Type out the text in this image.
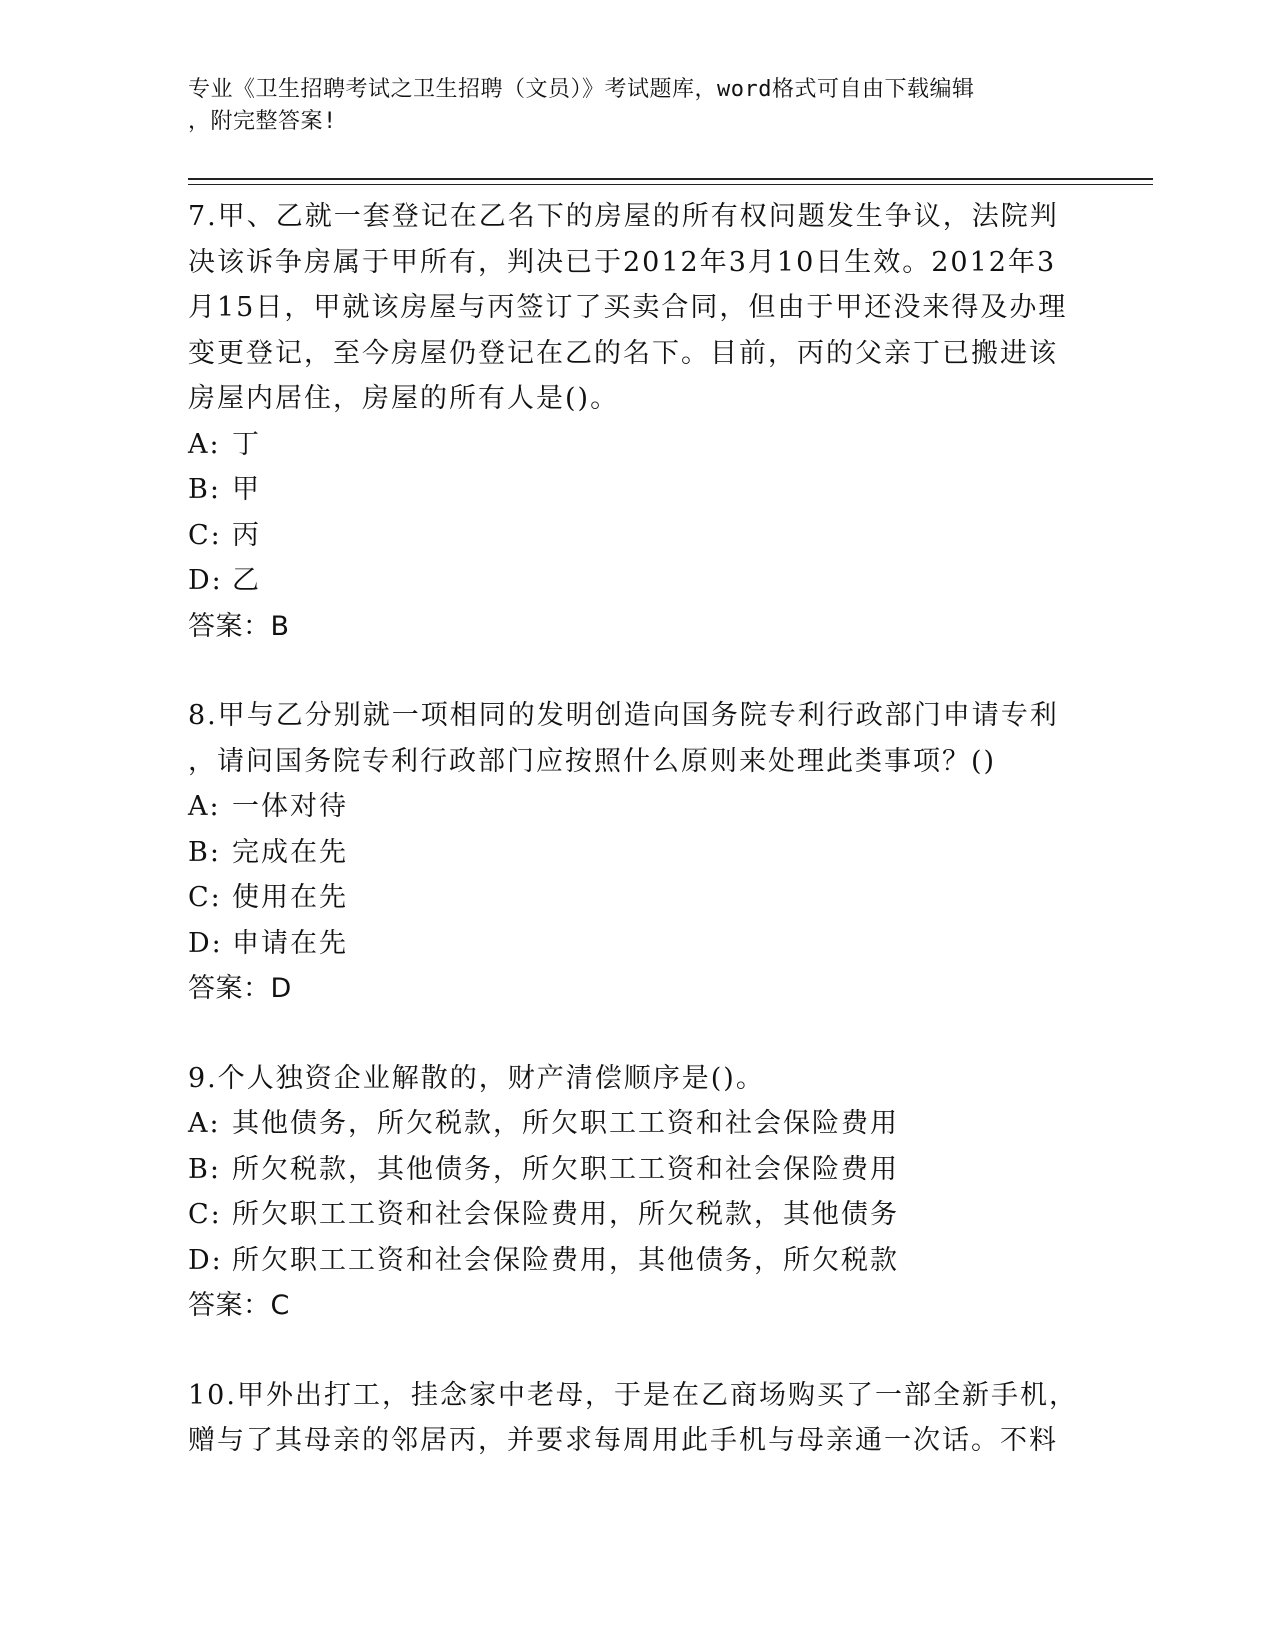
专业《卫生招聘考试之卫生招聘（文员）》考试题库，word格式可自由下载编辑
，附完整答案!
7.甲、乙就一套登记在乙名下的房屋的所有权问题发生争议，法院判
决该诉争房属于甲所有，判决已于2012年3月10日生效。2012年3
月15日，甲就该房屋与丙签订了买卖合同，但由于甲还没来得及办理
变更登记，至今房屋仍登记在乙的名下。目前，丙的父亲丁已搬进该
房屋内居住，房屋的所有人是()。
A: 丁
B: 甲
C: 丙
D: 乙
答案：B
8.甲与乙分别就一项相同的发明创造向国务院专利行政部门申请专利
，请问国务院专利行政部门应按照什么原则来处理此类事项？()
A: 一体对待
B: 完成在先
C: 使用在先
D: 申请在先
答案：D
9.个人独资企业解散的，财产清偿顺序是()。
A: 其他债务，所欠税款，所欠职工工资和社会保险费用
B: 所欠税款，其他债务，所欠职工工资和社会保险费用
C: 所欠职工工资和社会保险费用，所欠税款，其他债务
D: 所欠职工工资和社会保险费用，其他债务，所欠税款
答案：C
10.甲外出打工，挂念家中老母，于是在乙商场购买了一部全新手机，
赠与了其母亲的邻居丙，并要求每周用此手机与母亲通一次话。不料
